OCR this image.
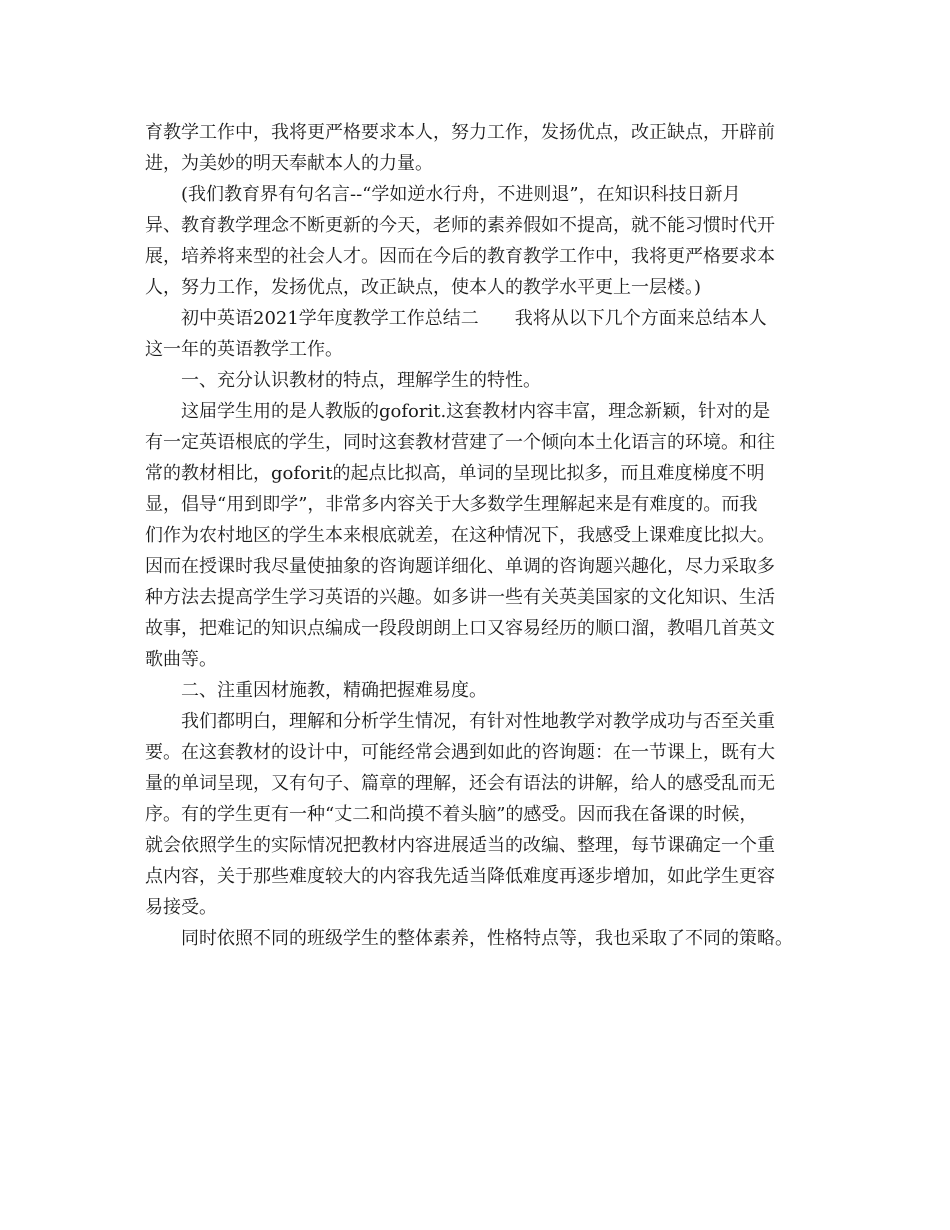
育教学工作中，我将更严格要求本人，努力工作，发扬优点，改正缺点，开辟前
进，为美妙的明天奉献本人的力量。

(我们教育界有句名言--“学如逆水行舟，不进则退”，在知识科技日新月
异、教育教学理念不断更新的今天，老师的素养假如不提高，就不能习惯时代开
展，培养将来型的社会人才。因而在今后的教育教学工作中，我将更严格要求本
人，努力工作，发扬优点，改正缺点，使本人的教学水平更上一层楼。)

初中英语2021学年度教学工作总结二　　我将从以下几个方面来总结本人
这一年的英语教学工作。

一、充分认识教材的特点，理解学生的特性。

这届学生用的是人教版的goforit.这套教材内容丰富，理念新颖，针对的是
有一定英语根底的学生，同时这套教材营建了一个倾向本土化语言的环境。和往
常的教材相比，goforit的起点比拟高，单词的呈现比拟多，而且难度梯度不明
显，倡导“用到即学”，非常多内容关于大多数学生理解起来是有难度的。而我
们作为农村地区的学生本来根底就差，在这种情况下，我感受上课难度比拟大。
因而在授课时我尽量使抽象的咨询题详细化、单调的咨询题兴趣化，尽力采取多
种方法去提高学生学习英语的兴趣。如多讲一些有关英美国家的文化知识、生活
故事，把难记的知识点编成一段段朗朗上口又容易经历的顺口溜，教唱几首英文
歌曲等。

二、注重因材施教，精确把握难易度。

我们都明白，理解和分析学生情况，有针对性地教学对教学成功与否至关重
要。在这套教材的设计中，可能经常会遇到如此的咨询题：在一节课上，既有大
量的单词呈现，又有句子、篇章的理解，还会有语法的讲解，给人的感受乱而无
序。有的学生更有一种“丈二和尚摸不着头脑”的感受。因而我在备课的时候，
就会依照学生的实际情况把教材内容进展适当的改编、整理，每节课确定一个重
点内容，关于那些难度较大的内容我先适当降低难度再逐步增加，如此学生更容
易接受。

同时依照不同的班级学生的整体素养，性格特点等，我也采取了不同的策略。
